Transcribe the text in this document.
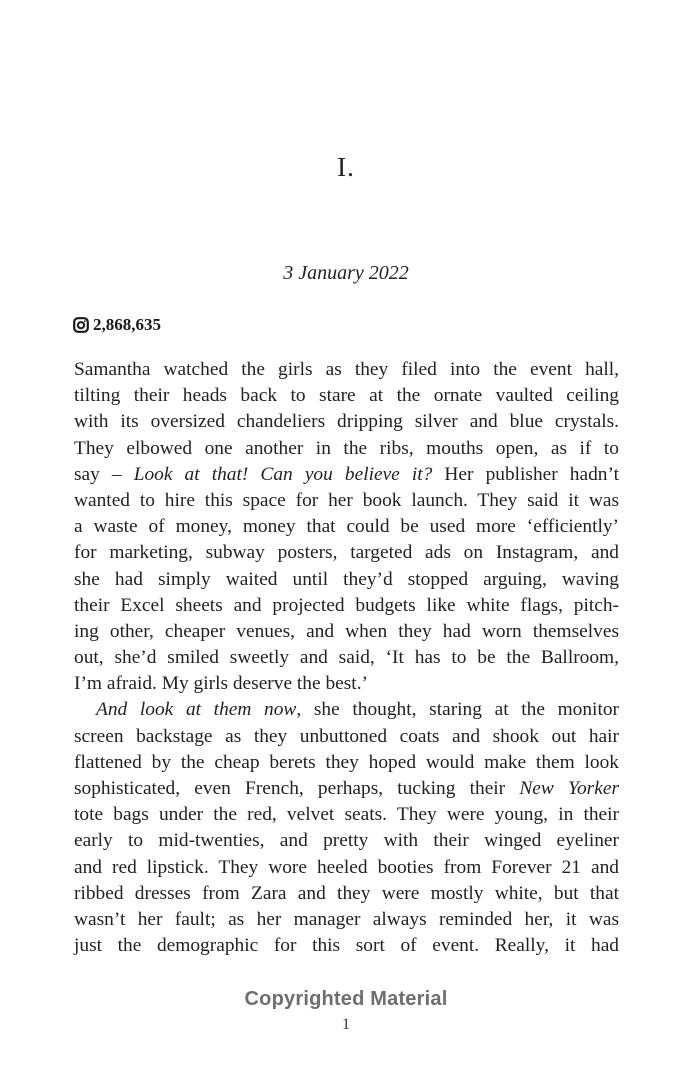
I.
3 January 2022
2,868,635
Samantha watched the girls as they filed into the event hall,
tilting their heads back to stare at the ornate vaulted ceiling
with its oversized chandeliers dripping silver and blue crystals.
They elbowed one another in the ribs, mouths open, as if to
say – Look at that! Can you believe it? Her publisher hadn’t
wanted to hire this space for her book launch. They said it was
a waste of money, money that could be used more ‘efficiently’
for marketing, subway posters, targeted ads on Instagram, and
she had simply waited until they’d stopped arguing, waving
their Excel sheets and projected budgets like white flags, pitch-
ing other, cheaper venues, and when they had worn themselves
out, she’d smiled sweetly and said, ‘It has to be the Ballroom,
I’m afraid. My girls deserve the best.’
And look at them now, she thought, staring at the monitor
screen backstage as they unbuttoned coats and shook out hair
flattened by the cheap berets they hoped would make them look
sophisticated, even French, perhaps, tucking their New Yorker
tote bags under the red, velvet seats. They were young, in their
early to mid-twenties, and pretty with their winged eyeliner
and red lipstick. They wore heeled booties from Forever 21 and
ribbed dresses from Zara and they were mostly white, but that
wasn’t her fault; as her manager always reminded her, it was
just the demographic for this sort of event. Really, it had
Copyrighted Material
1
